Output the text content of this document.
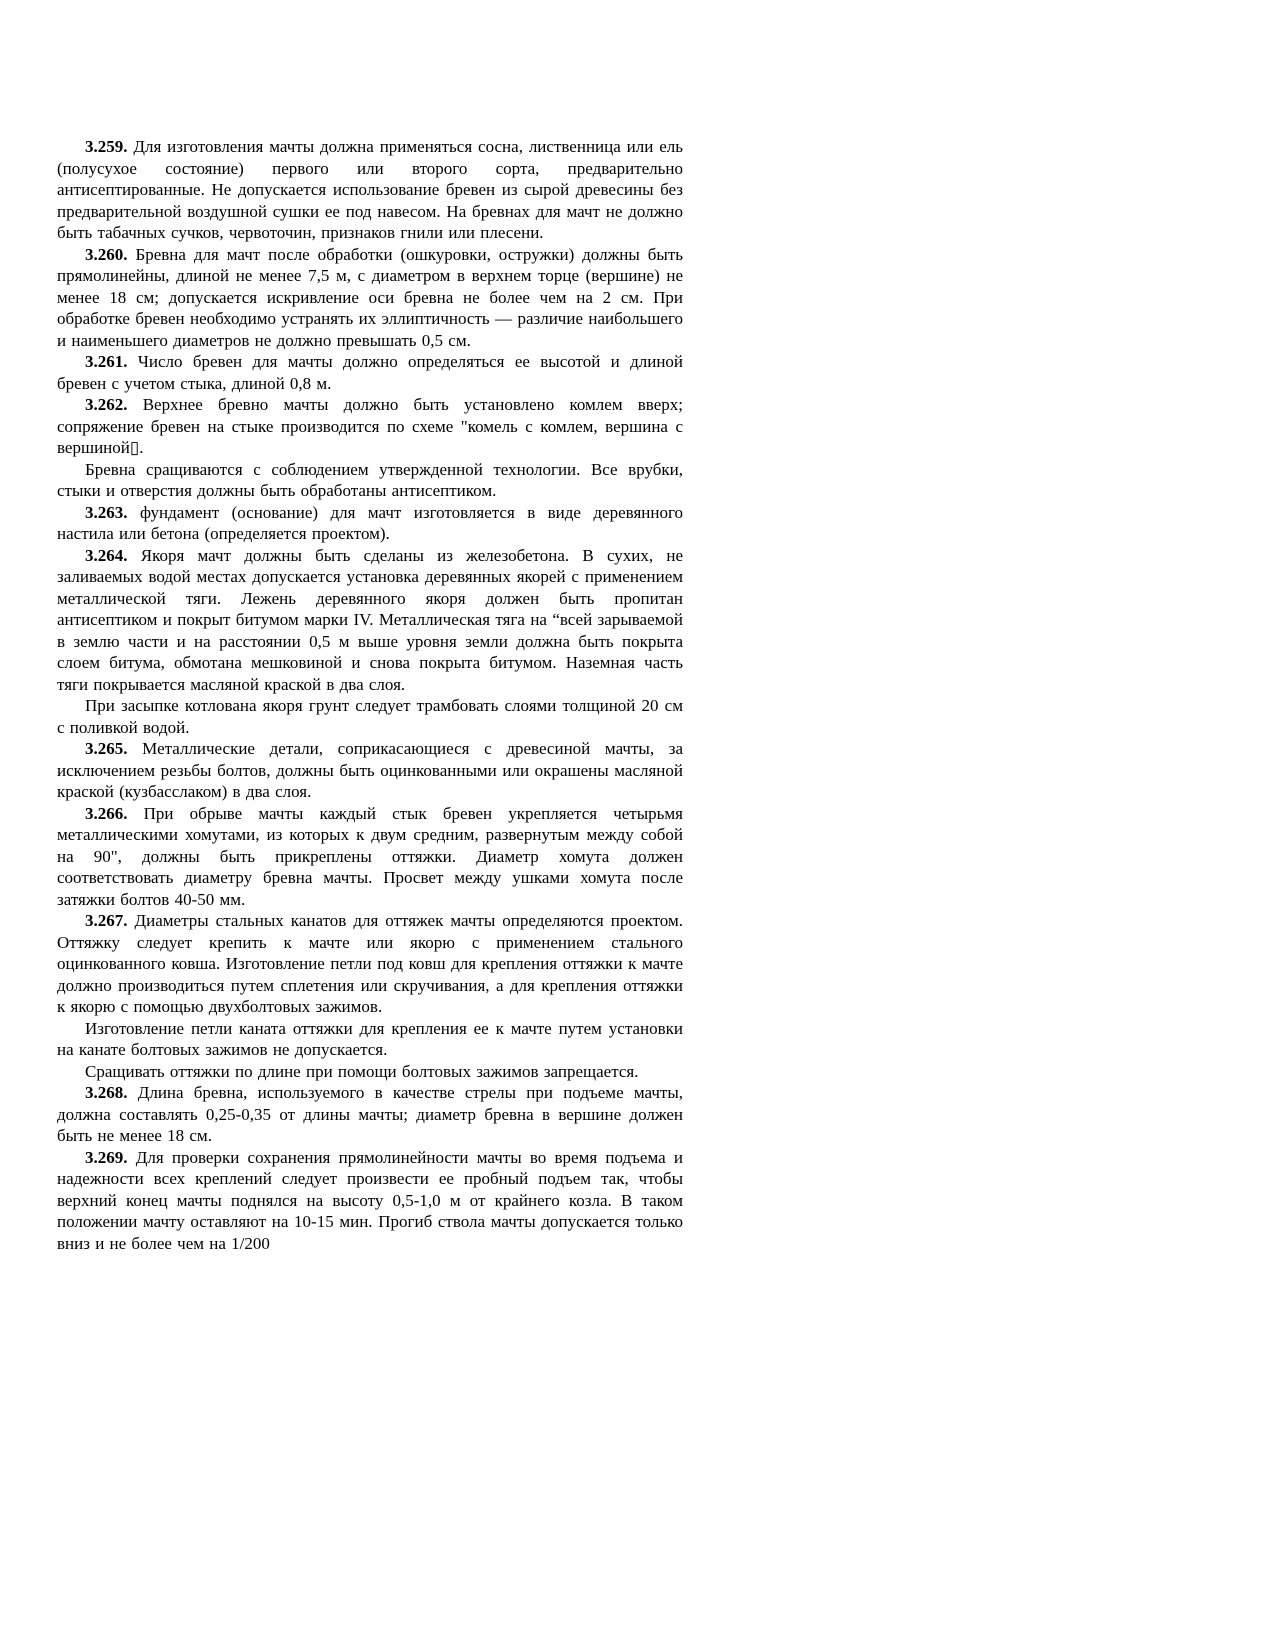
3.259. Для изготовления мачты должна применяться сосна, лиственница или ель (полусухое состояние) первого или второго сорта, предварительно антисептированные. Не допускается использование бревен из сырой древесины без предварительной воздушной сушки ее под навесом. На бревнах для мачт не должно быть табачных сучков, червоточин, признаков гнили или плесени.

3.260. Бревна для мачт после обработки (ошкуровки, остружки) должны быть прямолинейны, длиной не менее 7,5 м, с диаметром в верхнем торце (вершине) не менее 18 см; допускается искривление оси бревна не более чем на 2 см. При обработке бревен необходимо устранять их эллиптичность — различие наибольшего и наименьшего диаметров не должно превышать 0,5 см.

3.261. Число бревен для мачты должно определяться ее высотой и длиной бревен с учетом стыка, длиной 0,8 м.

3.262. Верхнее бревно мачты должно быть установлено комлем вверх; сопряжение бревен на стыке производится по схеме "комель с комлем, вершина с вершиной▯.

Бревна сращиваются с соблюдением утвержденной технологии. Все врубки, стыки и отверстия должны быть обработаны антисептиком.

3.263. фундамент (основание) для мачт изготовляется в виде деревянного настила или бетона (определяется проектом).

3.264. Якоря мачт должны быть сделаны из железобетона. В сухих, не заливаемых водой местах допускается установка деревянных якорей с применением металлической тяги. Лежень деревянного якоря должен быть пропитан антисептиком и покрыт битумом марки IV. Металлическая тяга на “всей зарываемой в землю части и на расстоянии 0,5 м выше уровня земли должна быть покрыта слоем битума, обмотана мешковиной и снова покрыта битумом. Наземная часть тяги покрывается масляной краской в два слоя.

При засыпке котлована якоря грунт следует трамбовать слоями толщиной 20 см с поливкой водой.

3.265. Металлические детали, соприкасающиеся с древесиной мачты, за исключением резьбы болтов, должны быть оцинкованными или окрашены масляной краской (кузбасслаком) в два слоя.

3.266. При обрыве мачты каждый стык бревен укрепляется четырьмя металлическими хомутами, из которых к двум средним, развернутым между собой на 90", должны быть прикреплены оттяжки. Диаметр хомута должен соответствовать диаметру бревна мачты. Просвет между ушками хомута после затяжки болтов 40-50 мм.

3.267. Диаметры стальных канатов для оттяжек мачты определяются проектом. Оттяжку следует крепить к мачте или якорю с применением стального оцинкованного ковша. Изготовление петли под ковш для крепления оттяжки к мачте должно производиться путем сплетения или скручивания, а для крепления оттяжки к якорю с помощью двухболтовых зажимов.

Изготовление петли каната оттяжки для крепления ее к мачте путем установки на канате болтовых зажимов не допускается.

Сращивать оттяжки по длине при помощи болтовых зажимов запрещается.

3.268. Длина бревна, используемого в качестве стрелы при подъеме мачты, должна составлять 0,25-0,35 от длины мачты; диаметр бревна в вершине должен быть не менее 18 см.

3.269. Для проверки сохранения прямолинейности мачты во время подъема и надежности всех креплений следует произвести ее пробный подъем так, чтобы верхний конец мачты поднялся на высоту 0,5-1,0 м от крайнего козла. В таком положении мачту оставляют на 10-15 мин. Прогиб ствола мачты допускается только вниз и не более чем на 1/200
